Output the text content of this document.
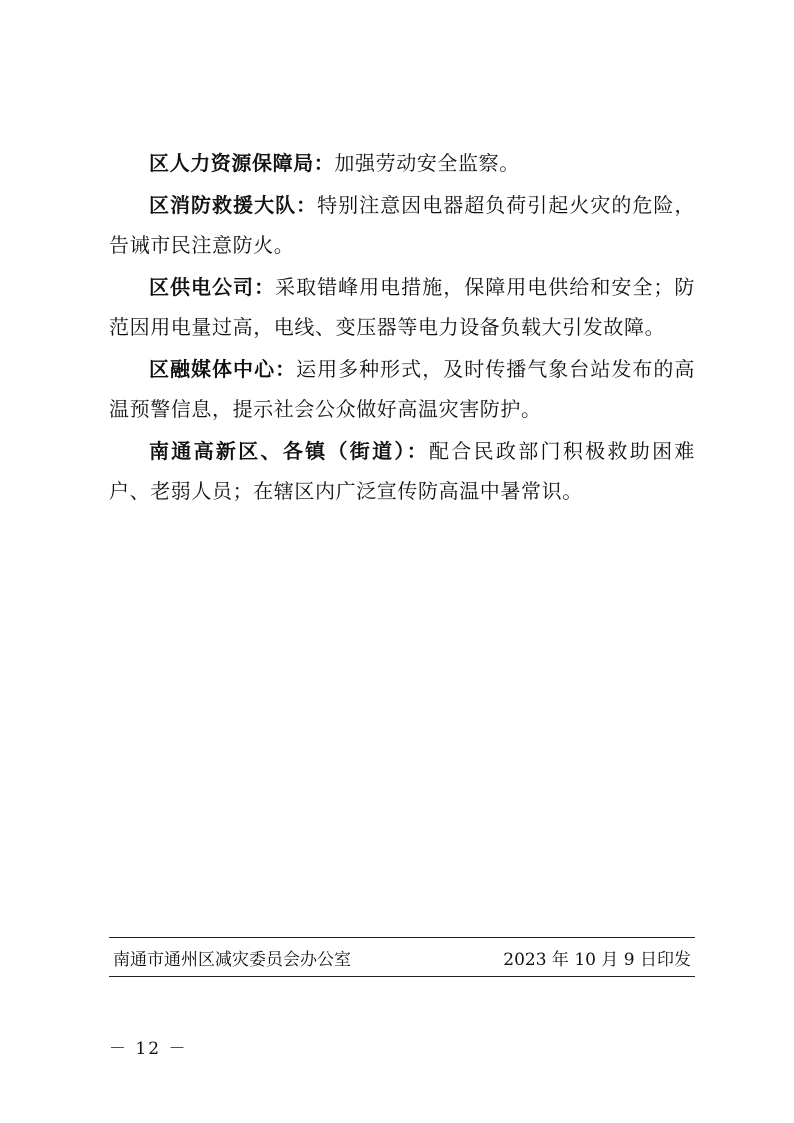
区人力资源保障局：加强劳动安全监察。

区消防救援大队：特别注意因电器超负荷引起火灾的危险，告诫市民注意防火。

区供电公司：采取错峰用电措施，保障用电供给和安全；防范因用电量过高，电线、变压器等电力设备负载大引发故障。

区融媒体中心：运用多种形式，及时传播气象台站发布的高温预警信息，提示社会公众做好高温灾害防护。

南通高新区、各镇（街道）：配合民政部门积极救助困难户、老弱人员；在辖区内广泛宣传防高温中暑常识。

南通市通州区减灾委员会办公室	2023 年 10 月 9 日印发
－ 12 －
